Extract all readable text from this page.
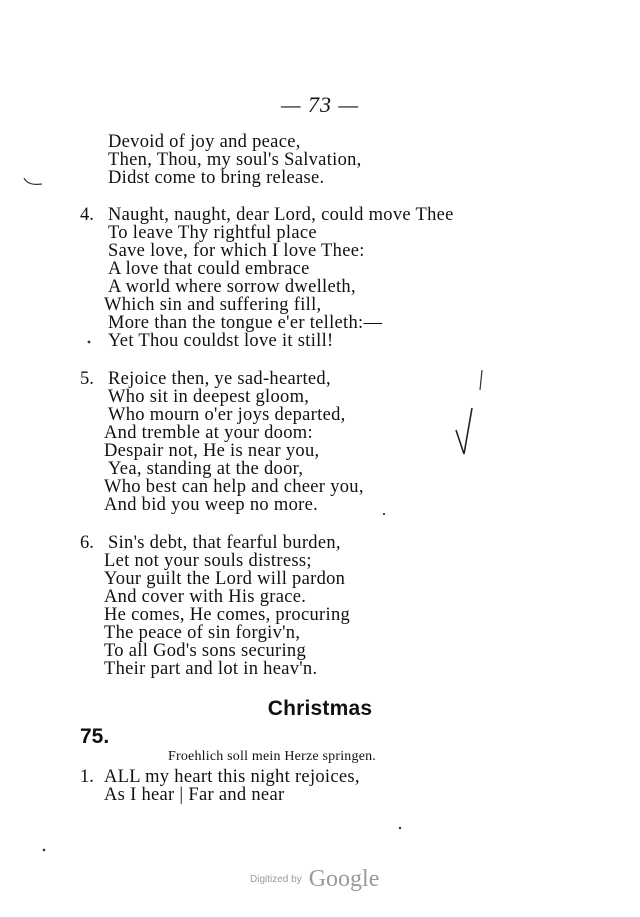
— 73 —
Devoid of joy and peace,
Then, Thou, my soul's Salvation,
Didst come to bring release.
4. Naught, naught, dear Lord, could move Thee
To leave Thy rightful place
Save love, for which I love Thee:
A love that could embrace
A world where sorrow dwelleth,
Which sin and suffering fill,
More than the tongue e'er telleth:—
Yet Thou couldst love it still!
5. Rejoice then, ye sad-hearted,
Who sit in deepest gloom,
Who mourn o'er joys departed,
And tremble at your doom:
Despair not, He is near you,
Yea, standing at the door,
Who best can help and cheer you,
And bid you weep no more.
6. Sin's debt, that fearful burden,
Let not your souls distress;
Your guilt the Lord will pardon
And cover with His grace.
He comes, He comes, procuring
The peace of sin forgiv'n,
To all God's sons securing
Their part and lot in heav'n.
Christmas
75.
Froehlich soll mein Herze springen.
1. ALL my heart this night rejoices,
As I hear | Far and near
Digitized by Google
